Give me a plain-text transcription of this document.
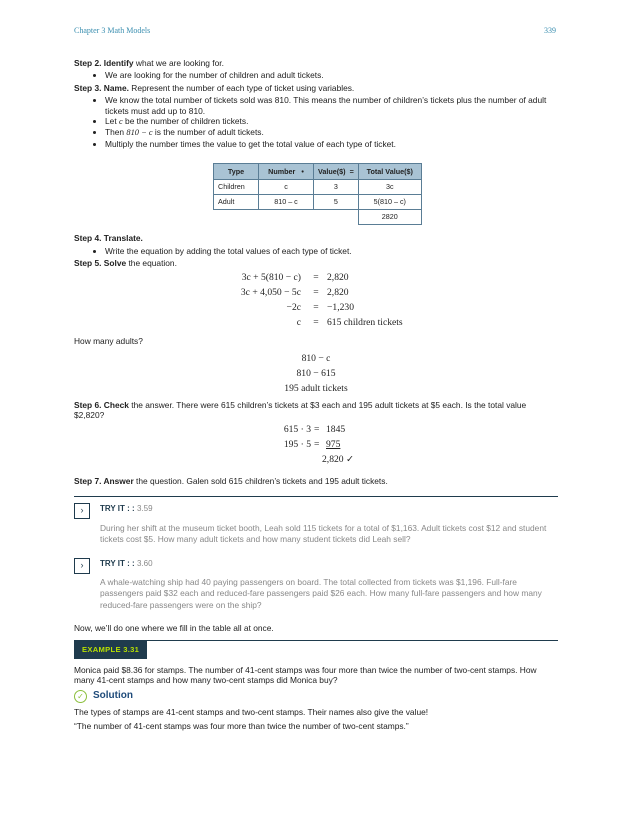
Chapter 3 Math Models	339

Step 2. Identify what we are looking for.

• We are looking for the number of children and adult tickets.

Step 3. Name. Represent the number of each type of ticket using variables.

• We know the total number of tickets sold was 810. This means the number of children’s tickets plus the number of adult tickets must add up to 810.
• Let c be the number of children tickets.
• Then 810 − c is the number of adult tickets.
• Multiply the number times the value to get the total value of each type of ticket.
Type	Number •	Value($) =	Total Value($)
Children	c	3	3c
Adult	810 – c	5	5(810 – c)
			2820

Step 4. Translate.

• Write the equation by adding the total values of each type of ticket.

Step 5. Solve the equation.

3c + 5(810 − c)	= 2,820
3c + 4,050 − 5c	= 2,820
−2c	= −1,230
c	= 615 children tickets

How many adults?

810 − c
810 − 615
195 adult tickets

Step 6. Check the answer. There were 615 children’s tickets at $3 each and 195 adult tickets at $5 each. Is the total value $2,820?

615 · 3 = 1845
195 · 5 = 975
2,820 ✓

Step 7. Answer the question. Galen sold 615 children’s tickets and 195 adult tickets.

›	TRY IT : : 3.59
During her shift at the museum ticket booth, Leah sold 115 tickets for a total of $1,163. Adult tickets cost $12 and student tickets cost $5. How many adult tickets and how many student tickets did Leah sell?
›	TRY IT : : 3.60
A whale-watching ship had 40 paying passengers on board. The total collected from tickets was $1,196. Full-fare passengers paid $32 each and reduced-fare passengers paid $26 each. How many full-fare passengers and how many reduced-fare passengers were on the ship?

Now, we’ll do one where we fill in the table all at once.

EXAMPLE 3.31

Monica paid $8.36 for stamps. The number of 41-cent stamps was four more than twice the number of two-cent stamps. How many 41-cent stamps and how many two-cent stamps did Monica buy?

✓ Solution

The types of stamps are 41-cent stamps and two-cent stamps. Their names also give the value!

“The number of 41-cent stamps was four more than twice the number of two-cent stamps.”
